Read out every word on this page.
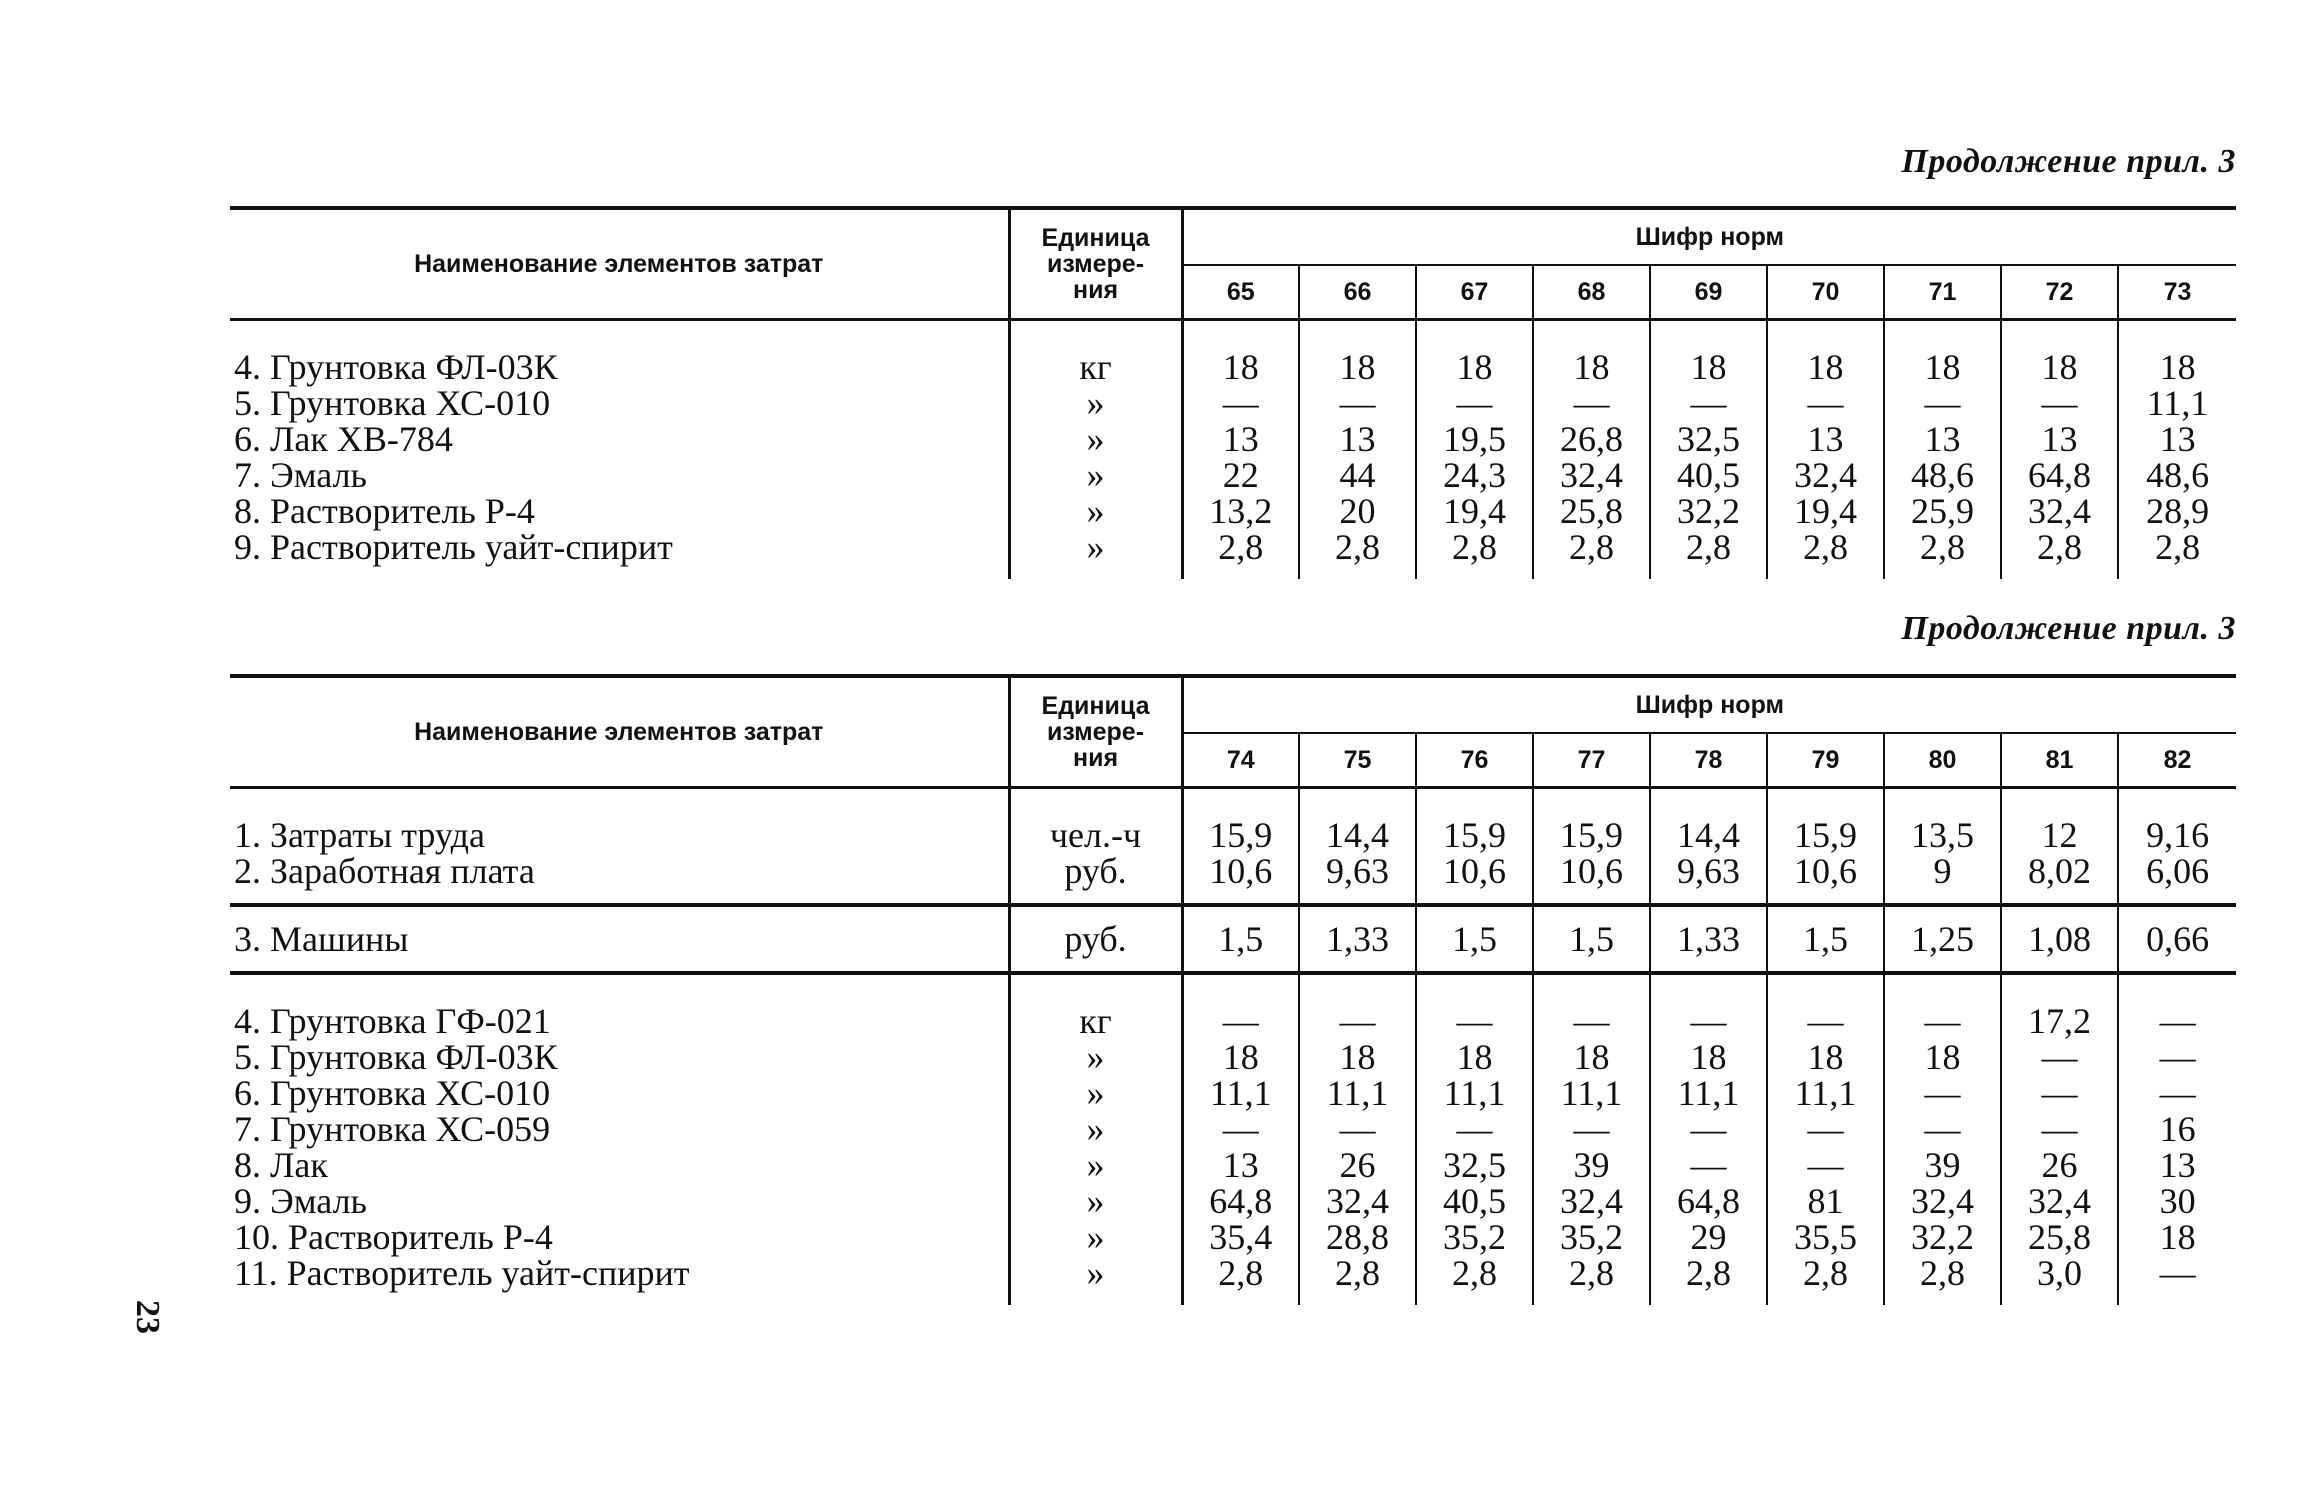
Продолжение прил. 3
Наименование элементов затрат	Единица
измере-
ния	Шифр норм								
		65	66	67	68	69	70	71	72	73

4. Грунтовка ФЛ-03К	кг	18	18	18	18	18	18	18	18	18
5. Грунтовка ХС-010	»	—	—	—	—	—	—	—	—	11,1
6. Лак ХВ-784	»	13	13	19,5	26,8	32,5	13	13	13	13
7. Эмаль	»	22	44	24,3	32,4	40,5	32,4	48,6	64,8	48,6
8. Растворитель Р-4	»	13,2	20	19,4	25,8	32,2	19,4	25,9	32,4	28,9
9. Растворитель уайт-спирит	»	2,8	2,8	2,8	2,8	2,8	2,8	2,8	2,8	2,8

Продолжение прил. 3
Наименование элементов затрат	Единица
измере-
ния	Шифр норм								
		74	75	76	77	78	79	80	81	82

1. Затраты труда	чел.-ч	15,9	14,4	15,9	15,9	14,4	15,9	13,5	12	9,16
2. Заработная плата	руб.	10,6	9,63	10,6	10,6	9,63	10,6	9	8,02	6,06

3. Машины	руб.	1,5	1,33	1,5	1,5	1,33	1,5	1,25	1,08	0,66

4. Грунтовка ГФ-021	кг	—	—	—	—	—	—	—	17,2	—
5. Грунтовка ФЛ-03К	»	18	18	18	18	18	18	18	—	—
6. Грунтовка ХС-010	»	11,1	11,1	11,1	11,1	11,1	11,1	—	—	—
7. Грунтовка ХС-059	»	—	—	—	—	—	—	—	—	16
8. Лак	»	13	26	32,5	39	—	—	39	26	13
9. Эмаль	»	64,8	32,4	40,5	32,4	64,8	81	32,4	32,4	30
10. Растворитель Р-4	»	35,4	28,8	35,2	35,2	29	35,5	32,2	25,8	18
11. Растворитель уайт-спирит	»	2,8	2,8	2,8	2,8	2,8	2,8	2,8	3,0	—

23
